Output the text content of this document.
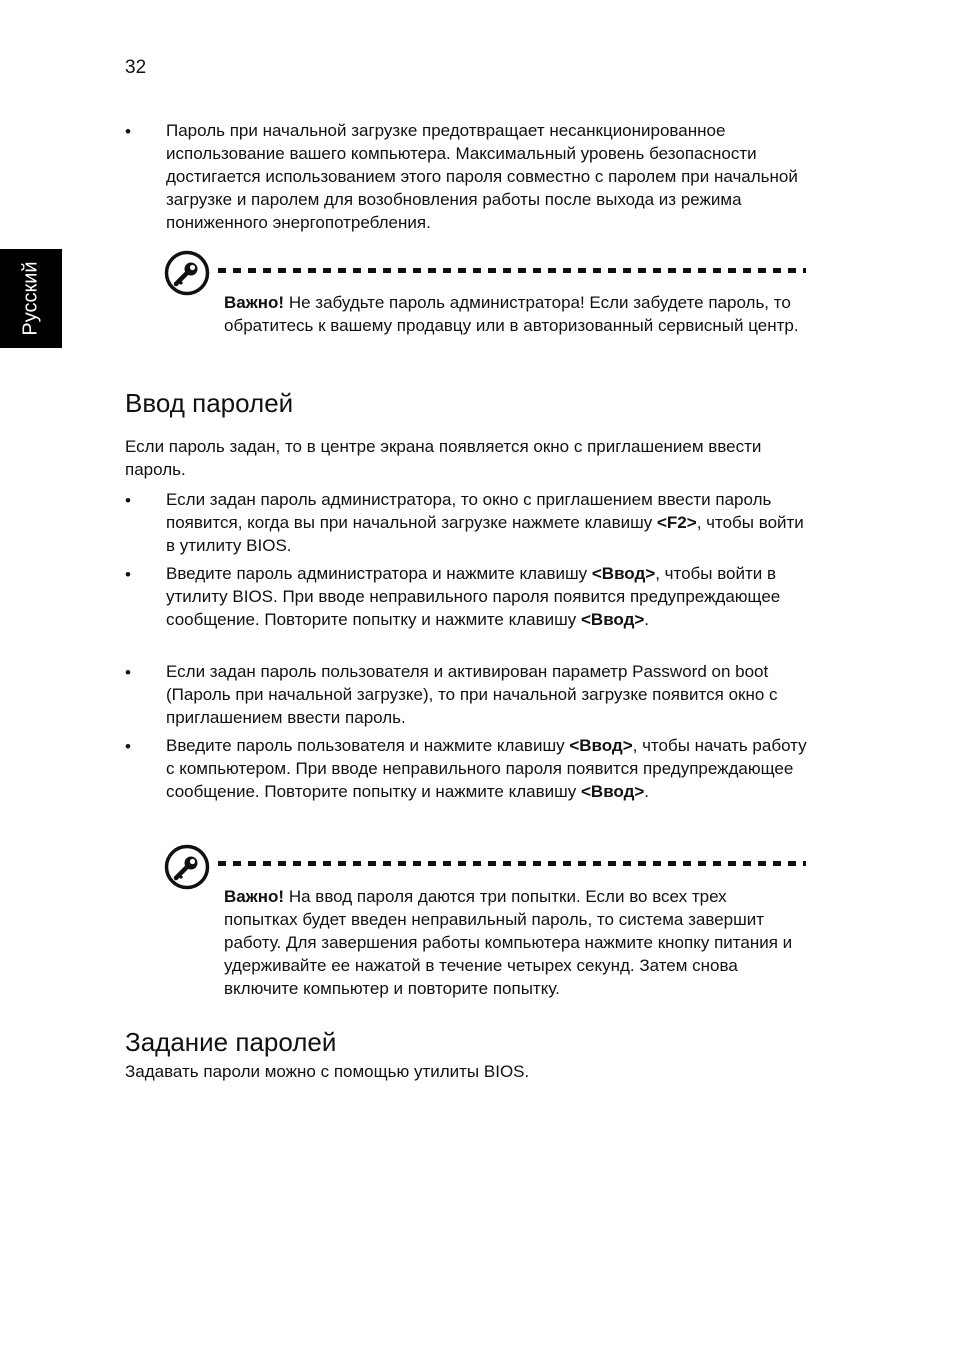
32
Русский
• Пароль при начальной загрузке предотвращает несанкционированное использование вашего компьютера. Максимальный уровень безопасности достигается использованием этого пароля совместно с паролем при начальной загрузке и паролем для возобновления работы после выхода из режима пониженного энергопотребления.

Важно! Не забудьте пароль администратора! Если забудете пароль, то обратитесь к вашему продавцу или в авторизованный сервисный центр.

Ввод паролей

Если пароль задан, то в центре экрана появляется окно с приглашением ввести пароль.

• Если задан пароль администратора, то окно с приглашением ввести пароль появится, когда вы при начальной загрузке нажмете клавишу <F2>, чтобы войти в утилиту BIOS.

• Введите пароль администратора и нажмите клавишу <Ввод>, чтобы войти в утилиту BIOS. При вводе неправильного пароля появится предупреждающее сообщение. Повторите попытку и нажмите клавишу <Ввод>.

• Если задан пароль пользователя и активирован параметр Password on boot (Пароль при начальной загрузке), то при начальной загрузке появится окно с приглашением ввести пароль.

• Введите пароль пользователя и нажмите клавишу <Ввод>, чтобы начать работу с компьютером. При вводе неправильного пароля появится предупреждающее сообщение. Повторите попытку и нажмите клавишу <Ввод>.

Важно! На ввод пароля даются три попытки. Если во всех трех попытках будет введен неправильный пароль, то система завершит работу. Для завершения работы компьютера нажмите кнопку питания и удерживайте ее нажатой в течение четырех секунд. Затем снова включите компьютер и повторите попытку.

Задание паролей

Задавать пароли можно с помощью утилиты BIOS.
